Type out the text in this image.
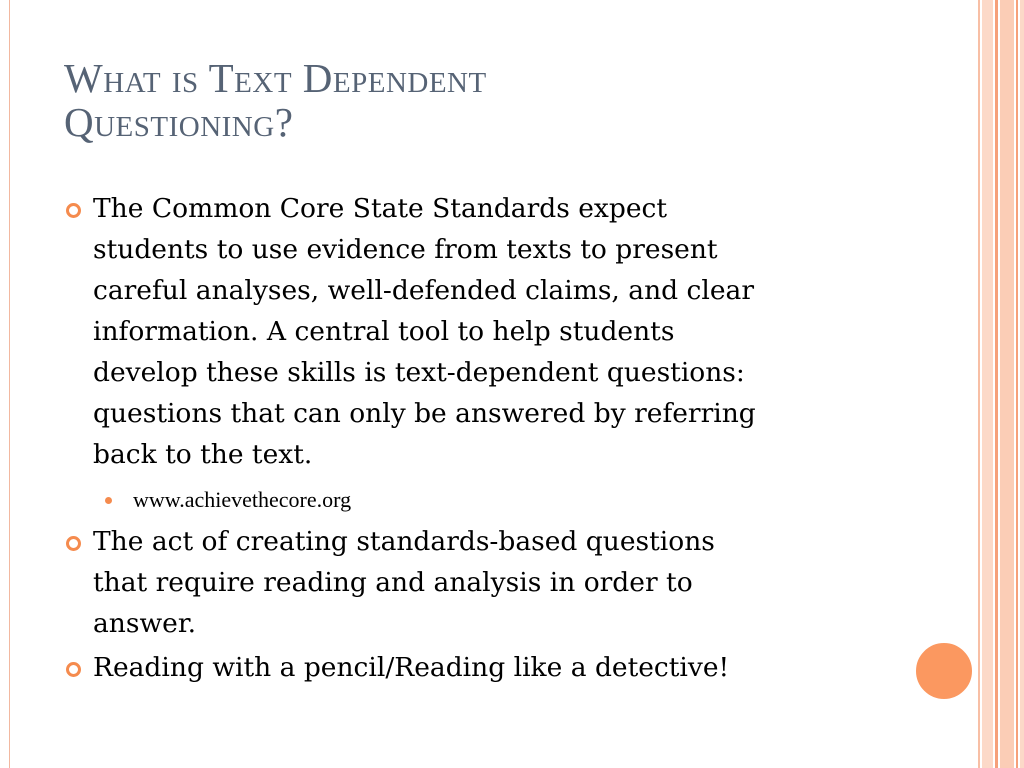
What is Text Dependent
Questioning?
The Common Core State Standards expect
students to use evidence from texts to present
careful analyses, well-defended claims, and clear
information. A central tool to help students
develop these skills is text-dependent questions:
questions that can only be answered by referring
back to the text.
www.achievethecore.org
The act of creating standards-based questions
that require reading and analysis in order to
answer.
Reading with a pencil/Reading like a detective!
